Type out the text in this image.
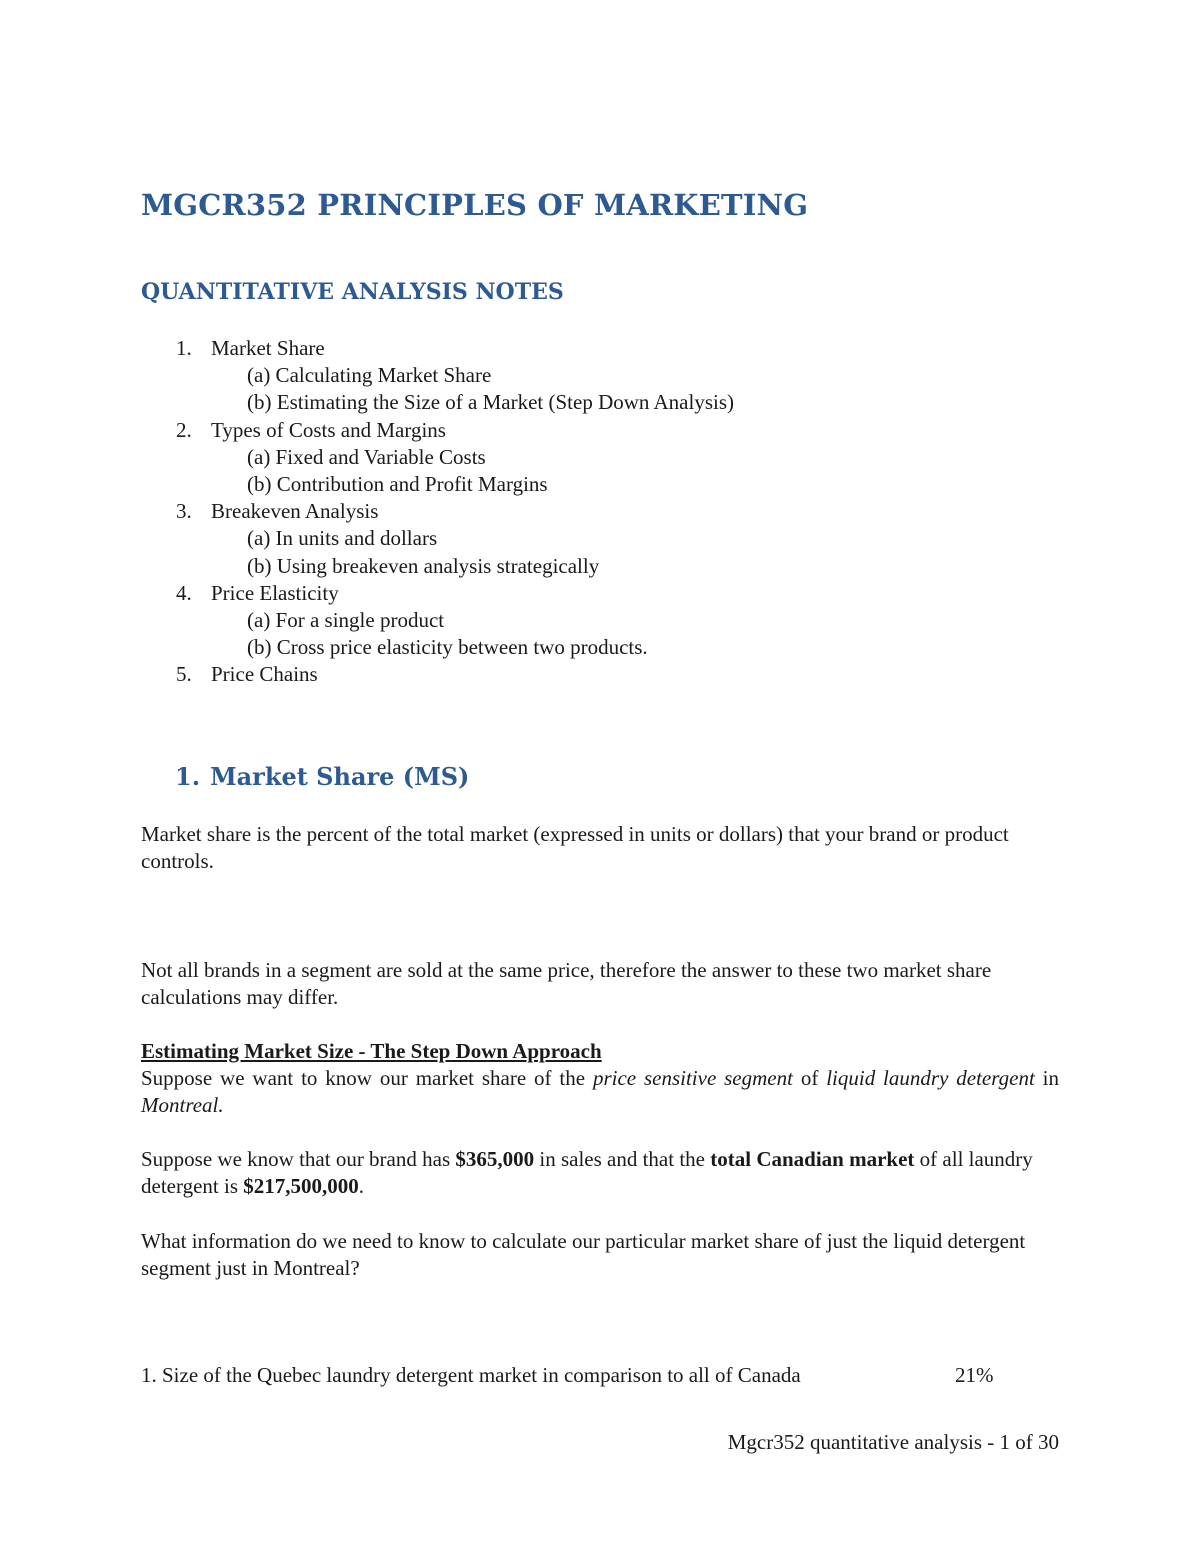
MGCR352 PRINCIPLES OF MARKETING
QUANTITATIVE ANALYSIS NOTES
1. Market Share
(a) Calculating Market Share
(b) Estimating the Size of a Market (Step Down Analysis)
2. Types of Costs and Margins
(a) Fixed and Variable Costs
(b) Contribution and Profit Margins
3. Breakeven Analysis
(a) In units and dollars
(b) Using breakeven analysis strategically
4. Price Elasticity
(a) For a single product
(b) Cross price elasticity between two products.
5. Price Chains
1. Market Share (MS)

Market share is the percent of the total market (expressed in units or dollars) that your brand or product controls.

Not all brands in a segment are sold at the same price, therefore the answer to these two market share calculations may differ.

Estimating Market Size - The Step Down Approach

Suppose we want to know our market share of the price sensitive segment of liquid laundry detergent in Montreal.

Suppose we know that our brand has $365,000 in sales and that the total Canadian market of all laundry detergent is $217,500,000.

What information do we need to know to calculate our particular market share of just the liquid detergent segment just in Montreal?

1. Size of the Quebec laundry detergent market in comparison to all of Canada	21%
Mgcr352 quantitative analysis - 1 of 30
